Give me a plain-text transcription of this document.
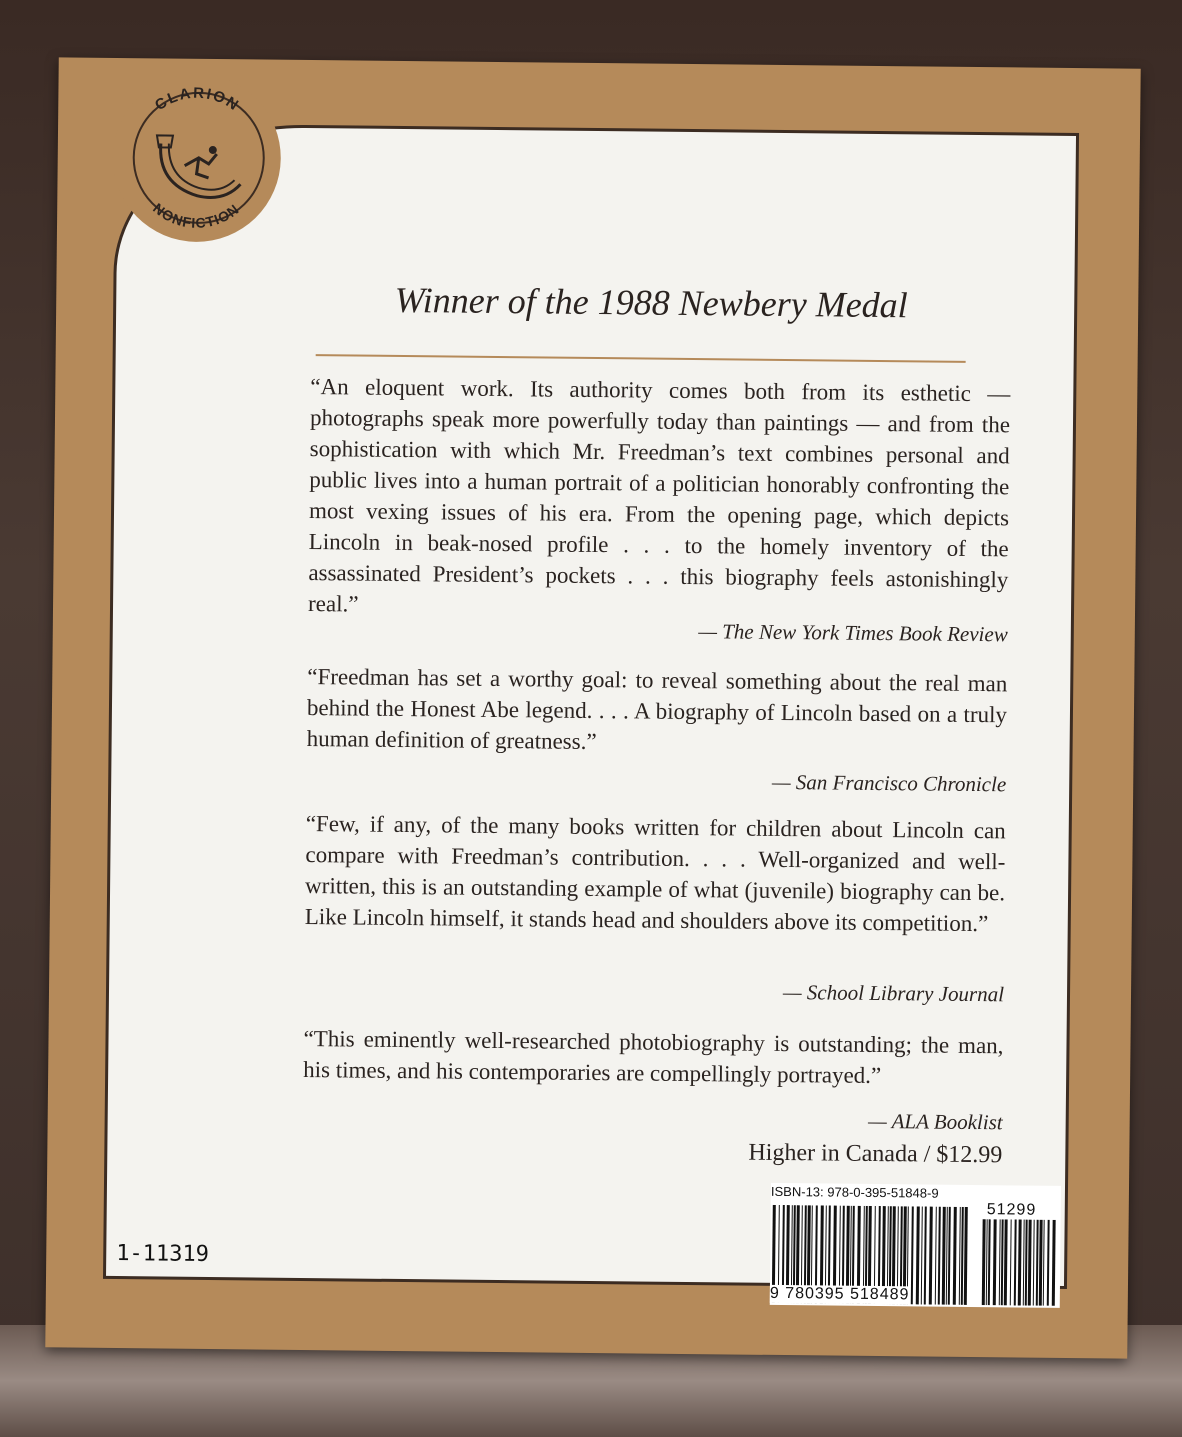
Winner of the 1988 Newbery Medal
“An eloquent work. Its authority comes both from its esthetic — photographs speak more powerfully today than paintings — and from the sophistication with which Mr. Freedman’s text combines personal and public lives into a human portrait of a politician honorably confronting the most vexing issues of his era. From the opening page, which depicts Lincoln in beak-nosed profile . . . to the homely inventory of the assassinated President’s pockets . . . this biography feels astonishingly real.”
— The New York Times Book Review
“Freedman has set a worthy goal: to reveal something about the real man behind the Honest Abe legend. . . . A biography of Lincoln based on a truly human definition of greatness.”
— San Francisco Chronicle
“Few, if any, of the many books written for children about Lincoln can compare with Freedman’s contribution. . . . Well-organized and well-written, this is an outstanding example of what (juvenile) biography can be. Like Lincoln himself, it stands head and shoulders above its competition.”
— School Library Journal
“This eminently well-researched photobiography is outstanding; the man, his times, and his contemporaries are compellingly portrayed.”
— ALA Booklist
Higher in Canada / $12.99
ISBN-13: 978-0-395-51848-9
9 780395 518489
51299
1-11319
CLARION
NONFICTION
